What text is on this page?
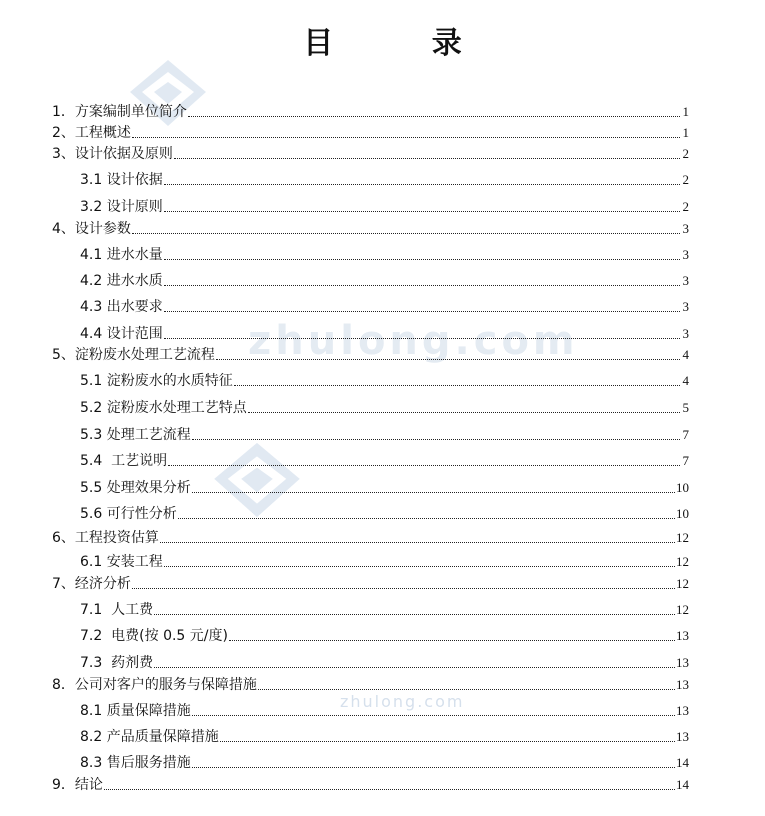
zhulong.com
zhulong.com
目 录
1．方案编制单位简介	1
2、工程概述	1
3、设计依据及原则	2
3.1 设计依据	2
3.2 设计原则	2
4、设计参数	3
4.1 进水水量	3
4.2 进水水质	3
4.3 出水要求	3
4.4 设计范围	3
5、淀粉废水处理工艺流程	4
5.1 淀粉废水的水质特征	4
5.2 淀粉废水处理工艺特点	5
5.3 处理工艺流程	7
5.4  工艺说明	7
5.5 处理效果分析	10
5.6 可行性分析	10
6、工程投资估算	12
6.1 安装工程	12
7、经济分析	12
7.1  人工费	12
7.2  电费(按 0.5 元/度)	13
7.3  药剂费	13
8．公司对客户的服务与保障措施	13
8.1 质量保障措施	13
8.2 产品质量保障措施	13
8.3 售后服务措施	14
9．结论	14
